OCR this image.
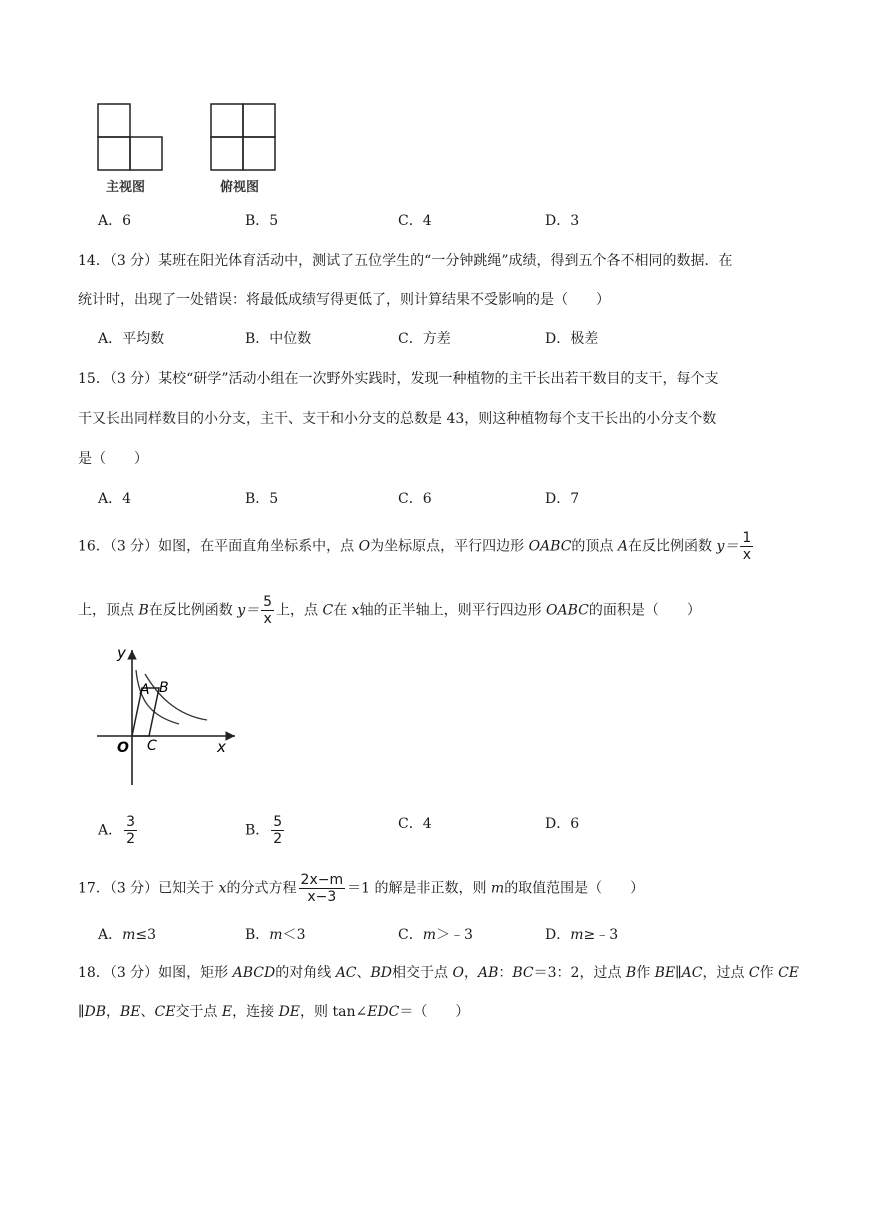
主视图	俯视图
A．6	B．5	C．4	D．3
14．（3 分）某班在阳光体育活动中，测试了五位学生的“一分钟跳绳”成绩，得到五个各不相同的数据．在
统计时，出现了一处错误：将最低成绩写得更低了，则计算结果不受影响的是（　　）
A．平均数	B．中位数	C．方差	D．极差
15．（3 分）某校“研学”活动小组在一次野外实践时，发现一种植物的主干长出若干数目的支干，每个支
干又长出同样数目的小分支，主干、支干和小分支的总数是 43，则这种植物每个支干长出的小分支个数
是（　　）
A．4	B．5	C．6	D．7
16．（3 分）如图，在平面直角坐标系中，点 O为坐标原点，平行四边形 OABC的顶点 A在反比例函数 $y= \frac{1}{x}$
上，顶点 B在反比例函数 $y= \frac{5}{x}$ 上，点 C在 x轴的正半轴上，则平行四边形 OABC的面积是（　　）
y
x
O
A B
C
A． $\frac{3}{2}$	B． $\frac{5}{2}$	C．4	D．6
17．（3 分）已知关于 x的分式方程 $\frac{2x-m}{x-3} =1$ 的解是非正数，则 m的取值范围是（　　）
A．m≤3	B．m＜3	C．m＞﹣3	D．m≥﹣3
18．（3 分）如图，矩形 ABCD的对角线 AC、BD相交于点 O，AB：BC＝3：2，过点 B作 BE∥AC，过点 C作 CE
∥DB，BE、CE交于点 E，连接 DE，则 tan∠EDC＝（　　）
